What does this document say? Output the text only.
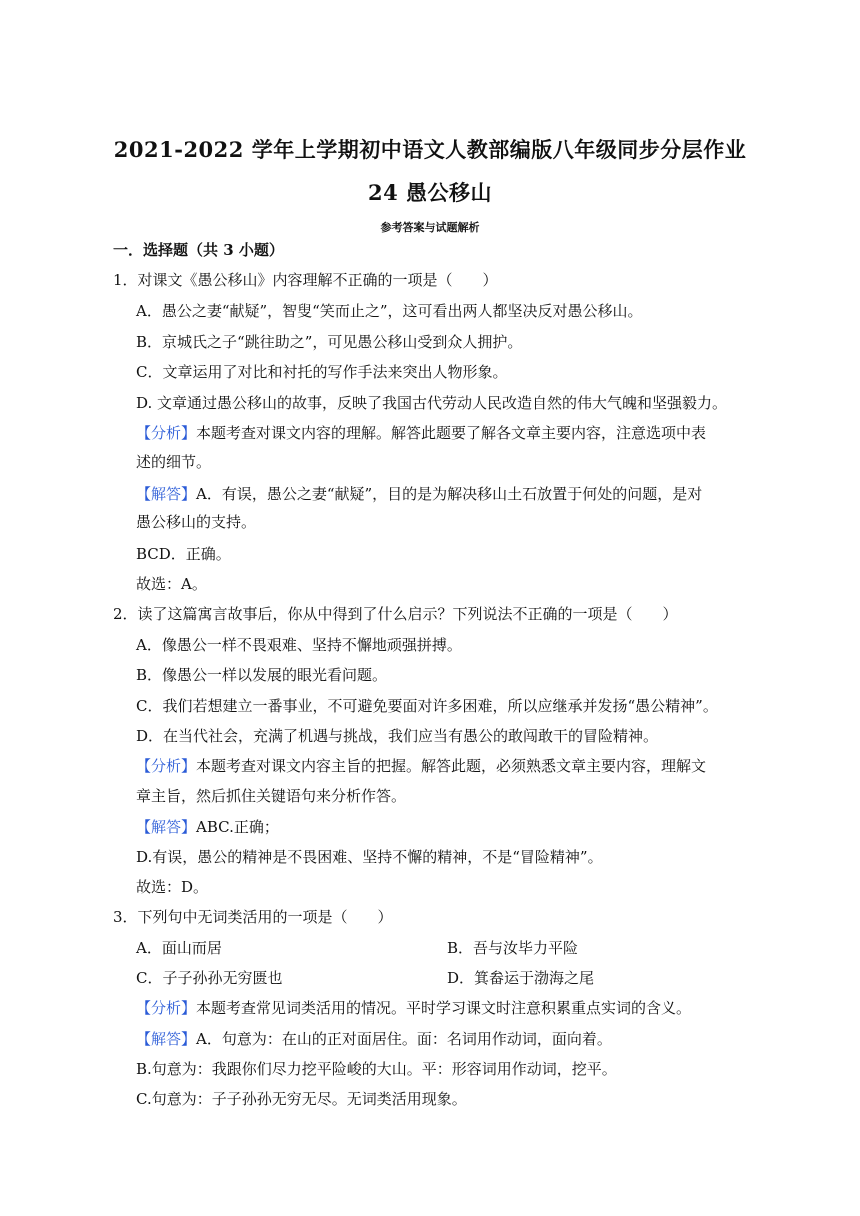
2021-2022 学年上学期初中语文人教部编版八年级同步分层作业
24 愚公移山
参考答案与试题解析
一．选择题（共 3 小题）
1．对课文《愚公移山》内容理解不正确的一项是（　　）
A．愚公之妻“献疑”，智叟“笑而止之”，这可看出两人都坚决反对愚公移山。
B．京城氏之子“跳往助之”，可见愚公移山受到众人拥护。
C．文章运用了对比和衬托的写作手法来突出人物形象。
D. 文章通过愚公移山的故事，反映了我国古代劳动人民改造自然的伟大气魄和坚强毅力。
【分析】本题考查对课文内容的理解。解答此题要了解各文章主要内容，注意选项中表
述的细节。
【解答】A．有误，愚公之妻“献疑”，目的是为解决移山土石放置于何处的问题，是对
愚公移山的支持。
BCD．正确。
故选：A。
2．读了这篇寓言故事后，你从中得到了什么启示？下列说法不正确的一项是（　　）
A．像愚公一样不畏艰难、坚持不懈地顽强拼搏。
B．像愚公一样以发展的眼光看问题。
C．我们若想建立一番事业，不可避免要面对许多困难，所以应继承并发扬“愚公精神”。
D．在当代社会，充满了机遇与挑战，我们应当有愚公的敢闯敢干的冒险精神。
【分析】本题考查对课文内容主旨的把握。解答此题，必须熟悉文章主要内容，理解文
章主旨，然后抓住关键语句来分析作答。
【解答】ABC.正确；
D.有误，愚公的精神是不畏困难、坚持不懈的精神，不是“冒险精神”。
故选：D。
3．下列句中无词类活用的一项是（　　）
A．面山而居	B．吾与汝毕力平险
C．子子孙孙无穷匮也	D．箕畚运于渤海之尾
【分析】本题考查常见词类活用的情况。平时学习课文时注意积累重点实词的含义。
【解答】A．句意为：在山的正对面居住。面：名词用作动词，面向着。
B.句意为：我跟你们尽力挖平险峻的大山。平：形容词用作动词，挖平。
C.句意为：子子孙孙无穷无尽。无词类活用现象。
